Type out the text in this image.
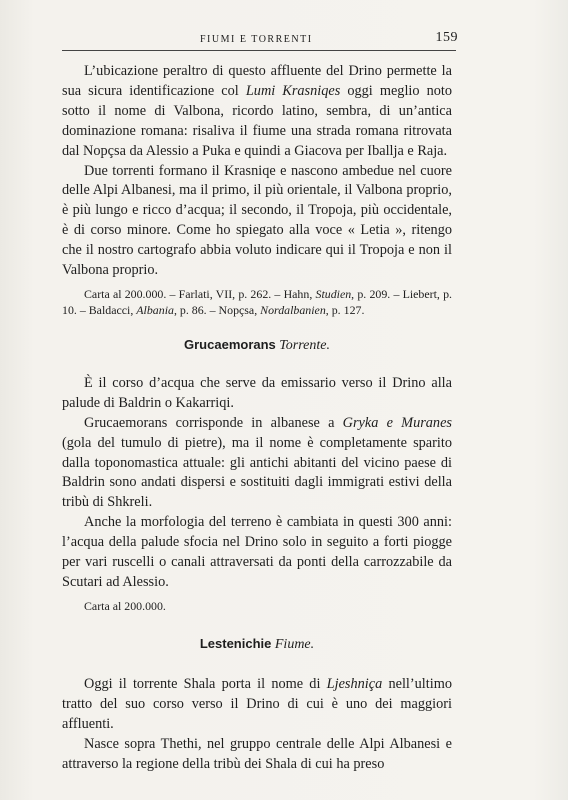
FIUMI E TORRENTI	159

L’ubicazione peraltro di questo affluente del Drino permette la sua sicura identificazione col Lumi Krasniqes oggi meglio noto sotto il nome di Valbona, ricordo latino, sembra, di un’antica dominazione romana: risaliva il fiume una strada romana ritrovata dal Nopçsa da Alessio a Puka e quindi a Giacova per Iballja e Raja.

Due torrenti formano il Krasniqe e nascono ambedue nel cuore delle Alpi Albanesi, ma il primo, il più orientale, il Valbona proprio, è più lungo e ricco d’acqua; il secondo, il Tropoja, più occidentale, è di corso minore. Come ho spiegato alla voce « Letia », ritengo che il nostro cartografo abbia voluto indicare qui il Tropoja e non il Valbona proprio.

Carta al 200.000. – Farlati, VII, p. 262. – Hahn, Studien, p. 209. – Liebert, p. 10. – Baldacci, Albania, p. 86. – Nopçsa, Nordalbanien, p. 127.

Grucaemorans Torrente.

È il corso d’acqua che serve da emissario verso il Drino alla palude di Baldrin o Kakarriqi.

Grucaemorans corrisponde in albanese a Gryka e Muranes (gola del tumulo di pietre), ma il nome è completamente sparito dalla toponomastica attuale: gli antichi abitanti del vicino paese di Baldrin sono andati dispersi e sostituiti dagli immigrati estivi della tribù di Shkreli.

Anche la morfologia del terreno è cambiata in questi 300 anni: l’acqua della palude sfocia nel Drino solo in seguito a forti piogge per vari ruscelli o canali attraversati da ponti della carrozzabile da Scutari ad Alessio.

Carta al 200.000.

Lestenichie Fiume.

Oggi il torrente Shala porta il nome di Ljeshniça nell’ultimo tratto del suo corso verso il Drino di cui è uno dei maggiori affluenti.

Nasce sopra Thethi, nel gruppo centrale delle Alpi Albanesi e attraverso la regione della tribù dei Shala di cui ha preso
